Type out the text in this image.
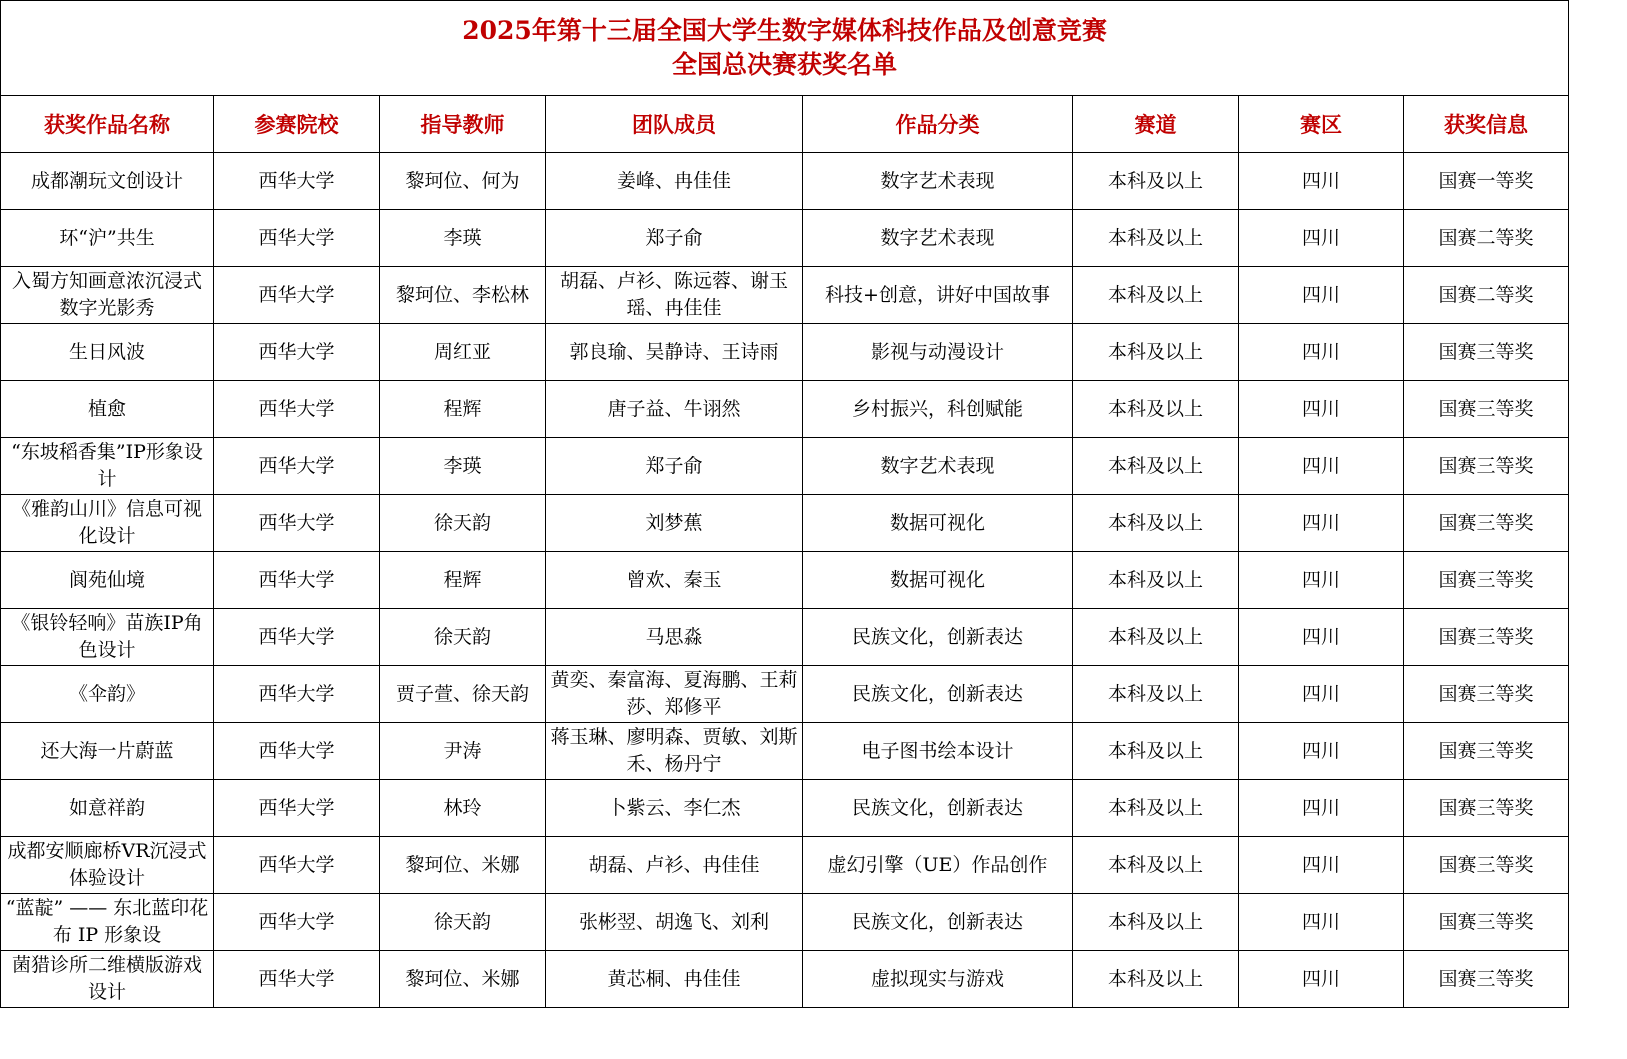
2025年第十三届全国大学生数字媒体科技作品及创意竞赛
全国总决赛获奖名单							

获奖作品名称	参赛院校	指导教师	团队成员	作品分类	赛道	赛区	获奖信息
成都潮玩文创设计	西华大学	黎珂位、何为	姜峰、冉佳佳	数字艺术表现	本科及以上	四川	国赛一等奖
环“沪”共生	西华大学	李瑛	郑子俞	数字艺术表现	本科及以上	四川	国赛二等奖
入蜀方知画意浓沉浸式数字光影秀	西华大学	黎珂位、李松林	胡磊、卢衫、陈远蓉、谢玉瑶、冉佳佳	科技+创意，讲好中国故事	本科及以上	四川	国赛二等奖
生日风波	西华大学	周红亚	郭良瑜、吴静诗、王诗雨	影视与动漫设计	本科及以上	四川	国赛三等奖
植愈	西华大学	程辉	唐子益、牛诩然	乡村振兴，科创赋能	本科及以上	四川	国赛三等奖
“东坡稻香集”IP形象设计	西华大学	李瑛	郑子俞	数字艺术表现	本科及以上	四川	国赛三等奖
《雅韵山川》信息可视化设计	西华大学	徐天韵	刘梦蕉	数据可视化	本科及以上	四川	国赛三等奖
阆苑仙境	西华大学	程辉	曾欢、秦玉	数据可视化	本科及以上	四川	国赛三等奖
《银铃轻响》苗族IP角色设计	西华大学	徐天韵	马思淼	民族文化，创新表达	本科及以上	四川	国赛三等奖
《伞韵》	西华大学	贾子萱、徐天韵	黄奕、秦富海、夏海鹏、王莉莎、郑修平	民族文化，创新表达	本科及以上	四川	国赛三等奖
还大海一片蔚蓝	西华大学	尹涛	蒋玉琳、廖明森、贾敏、刘斯禾、杨丹宁	电子图书绘本设计	本科及以上	四川	国赛三等奖
如意祥韵	西华大学	林玲	卜紫云、李仁杰	民族文化，创新表达	本科及以上	四川	国赛三等奖
成都安顺廊桥VR沉浸式体验设计	西华大学	黎珂位、米娜	胡磊、卢衫、冉佳佳	虚幻引擎（UE）作品创作	本科及以上	四川	国赛三等奖
“蓝靛” —— 东北蓝印花布 IP 形象设	西华大学	徐天韵	张彬翌、胡逸飞、刘利	民族文化，创新表达	本科及以上	四川	国赛三等奖
菌猎诊所二维横版游戏设计	西华大学	黎珂位、米娜	黄芯桐、冉佳佳	虚拟现实与游戏	本科及以上	四川	国赛三等奖
